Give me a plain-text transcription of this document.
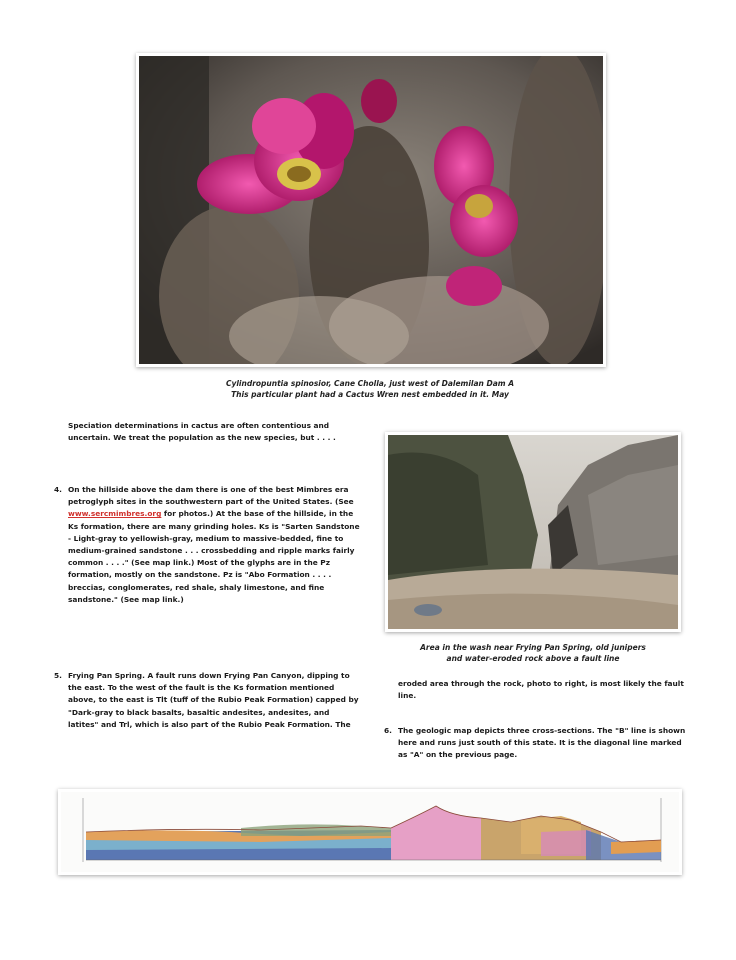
Cylindropuntia spinosior, Cane Cholla, just west of Dalemilan Dam A
This particular plant had a Cactus Wren nest embedded in it. May
Speciation determinations in cactus are often contentious and uncertain. We treat the population as the new species, but . . . .
4. On the hillside above the dam there is one of the best Mimbres era petroglyph sites in the southwestern part of the United States. (See www.sercmimbres.org for photos.) At the base of the hillside, in the Ks formation, there are many grinding holes. Ks is "Sarten Sandstone - Light-gray to yellowish-gray, medium to massive-bedded, fine to medium-grained sandstone . . . crossbedding and ripple marks fairly common . . . ." (See map link.) Most of the glyphs are in the Pz formation, mostly on the sandstone. Pz is "Abo Formation . . . . breccias, conglomerates, red shale, shaly limestone, and fine sandstone." (See map link.)
5. Frying Pan Spring. A fault runs down Frying Pan Canyon, dipping to the east. To the west of the fault is the Ks formation mentioned above, to the east is Tlt (tuff of the Rubio Peak Formation) capped by "Dark-gray to black basalts, basaltic andesites, andesites, and latites" and Trl, which is also part of the Rubio Peak Formation. The
Area in the wash near Frying Pan Spring, old junipers
and water-eroded rock above a fault line
eroded area through the rock, photo to right, is most likely the fault line.
6. The geologic map depicts three cross-sections. The "B" line is shown here and runs just south of this state. It is the diagonal line marked as "A" on the previous page.
